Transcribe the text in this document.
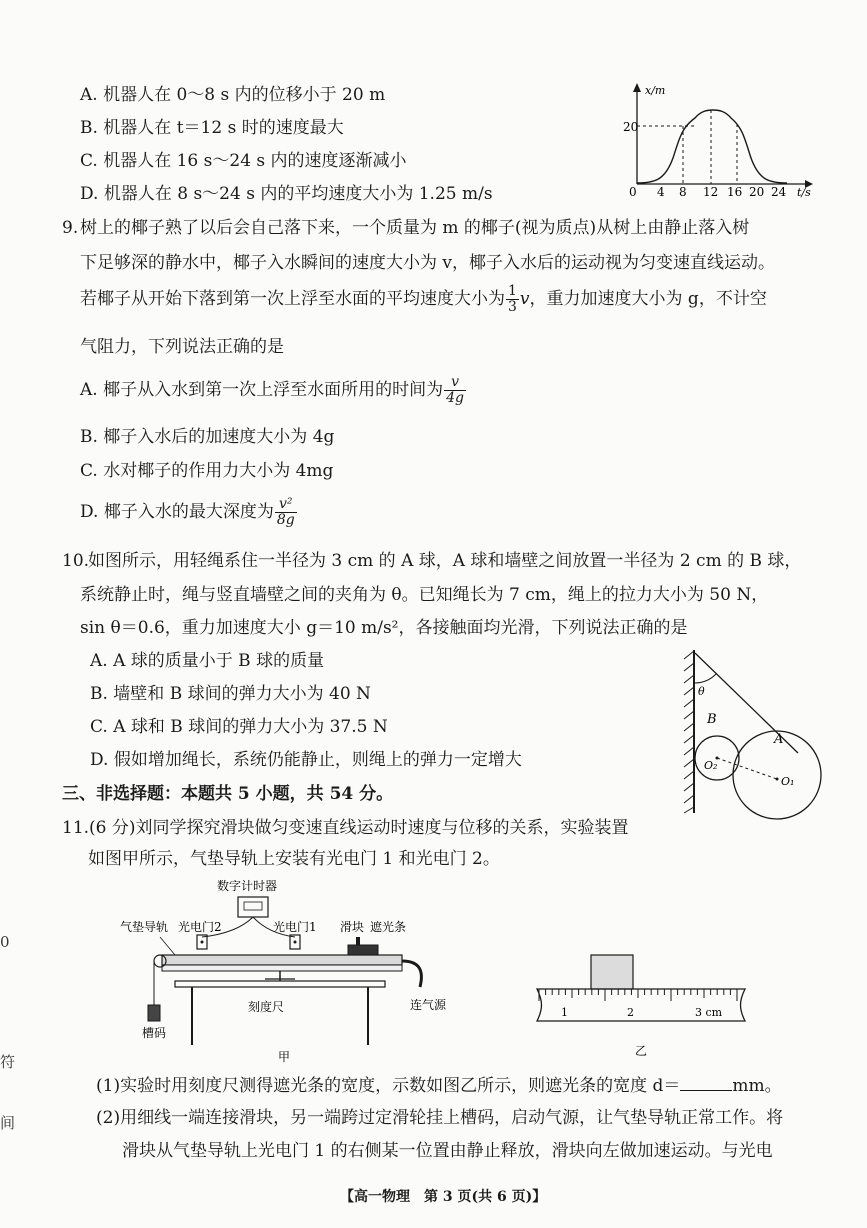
A. 机器人在 0～8 s 内的位移小于 20 m
B. 机器人在 t＝12 s 时的速度最大
C. 机器人在 16 s～24 s 内的速度逐渐减小
D. 机器人在 8 s～24 s 内的平均速度大小为 1.25 m/s
x/m
20
0 4 8 12 16 20 24 t/s
9. 树上的椰子熟了以后会自己落下来，一个质量为 m 的椰子(视为质点)从树上由静止落入树
下足够深的静水中，椰子入水瞬间的速度大小为 v，椰子入水后的运动视为匀变速直线运动。
若椰子从开始下落到第一次上浮至水面的平均速度大小为 $\frac{1}{3}$ v，重力加速度大小为 g，不计空
气阻力，下列说法正确的是
A. 椰子从入水到第一次上浮至水面所用的时间为 $\frac{v}{4g}$
B. 椰子入水后的加速度大小为 4g
C. 水对椰子的作用力大小为 4mg
D. 椰子入水的最大深度为 $\frac{\text{v²}}{8g}$
10.
如图所示，用轻绳系住一半径为 3 cm 的 A 球，A 球和墙壁之间放置一半径为 2 cm 的 B 球，
系统静止时，绳与竖直墙壁之间的夹角为 θ。已知绳长为 7 cm，绳上的拉力大小为 50 N，
sin θ＝0.6，重力加速度大小 g＝10 m/s²，各接触面均光滑，下列说法正确的是
A. A 球的质量小于 B 球的质量
B. 墙壁和 B 球间的弹力大小为 40 N
C. A 球和 B 球间的弹力大小为 37.5 N
D. 假如增加绳长，系统仍能静止，则绳上的弹力一定增大
θ
B
O₂
A
O₁
三、非选择题：本题共 5 小题，共 54 分。
11.(6 分)刘同学探究滑块做匀变速直线运动时速度与位移的关系，实验装置
如图甲所示，气垫导轨上安装有光电门 1 和光电门 2。
数字计时器
光电门2	光电门1 滑块 遮光条
气垫导轨
槽码
连气源
刻度尺
甲
1	2	3 cm
乙
(1)实验时用刻度尺测得遮光条的宽度，示数如图乙所示，则遮光条的宽度 d＝	mm。
(2)用细线一端连接滑块，另一端跨过定滑轮挂上槽码，启动气源，让气垫导轨正常工作。将
滑块从气垫导轨上光电门 1 的右侧某一位置由静止释放，滑块向左做加速运动。与光电
【高一物理　第 3 页(共 6 页)】
0
符
间
